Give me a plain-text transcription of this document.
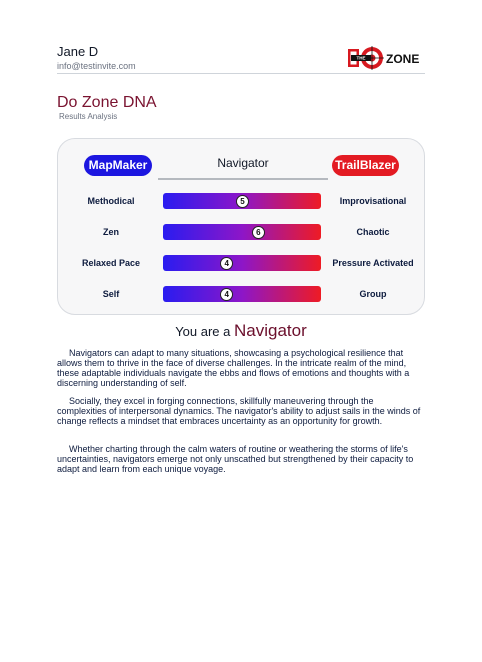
Jane D
info@testinvite.com
THE ZONE
Do Zone DNA
Results Analysis
MapMaker	Navigator	TrailBlazer
Methodical	5	Improvisational
Zen	6	Chaotic
Relaxed Pace	4	Pressure Activated
Self	4	Group
You are a Navigator

Navigators can adapt to many situations, showcasing a psychological resilience that allows them to thrive in the face of diverse challenges. In the intricate realm of the mind, these adaptable individuals navigate the ebbs and flows of emotions and thoughts with a discerning understanding of self.

Socially, they excel in forging connections, skillfully maneuvering through the complexities of interpersonal dynamics. The navigator's ability to adjust sails in the winds of change reflects a mindset that embraces uncertainty as an opportunity for growth.

Whether charting through the calm waters of routine or weathering the storms of life's uncertainties, navigators emerge not only unscathed but strengthened by their capacity to adapt and learn from each unique voyage.
